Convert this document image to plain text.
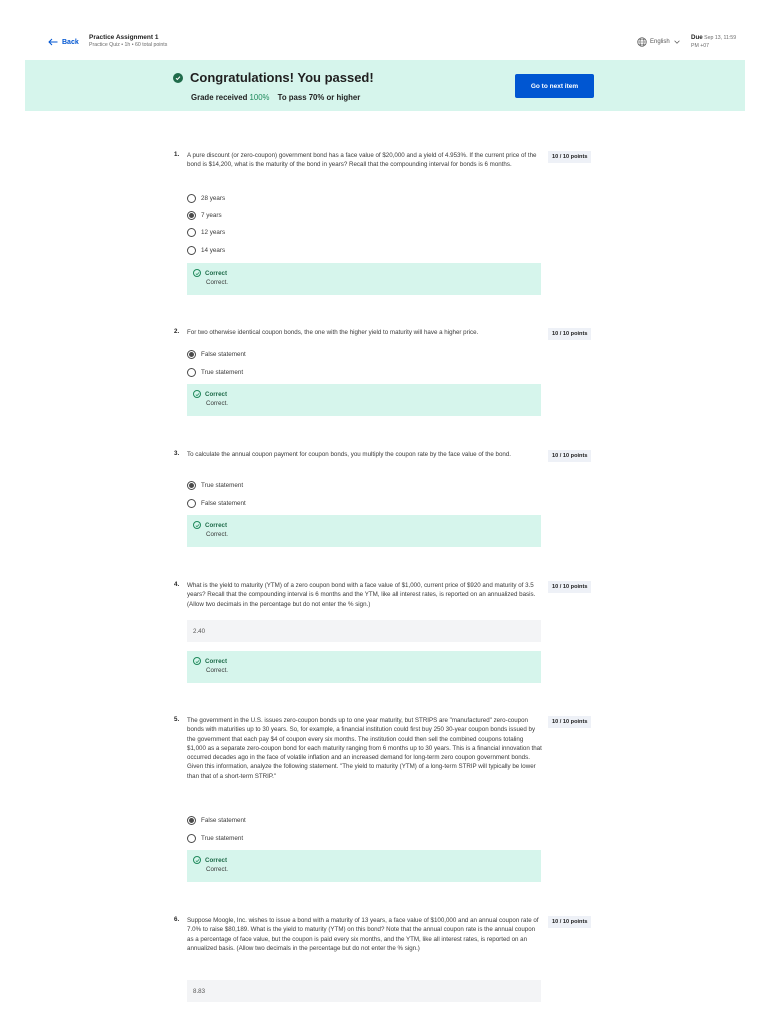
Back
Practice Assignment 1
Practice Quiz • 1h • 60 total points	English
Due Sep 13, 11:59
PM +07
Congratulations! You passed!
Grade received 100% To pass 70% or higher
Go to next item
1. A pure discount (or zero-coupon) government bond has a face value of $20,000 and a yield of 4.953%. If the current price of the bond is $14,200, what is the maturity of the bond in years? Recall that the compounding interval for bonds is 6 months.
10 / 10 points
28 years
7 years
12 years
14 years
Correct
Correct.
2. For two otherwise identical coupon bonds, the one with the higher yield to maturity will have a higher price.	10 / 10 points
False statement
True statement
Correct
Correct.
3. To calculate the annual coupon payment for coupon bonds, you multiply the coupon rate by the face value of the bond.	10 / 10 points
True statement
False statement
Correct
Correct.
4. What is the yield to maturity (YTM) of a zero coupon bond with a face value of $1,000, current price of $920 and maturity of 3.5 years? Recall that the compounding interval is 6 months and the YTM, like all interest rates, is reported on an annualized basis. (Allow two decimals in the percentage but do not enter the % sign.)
10 / 10 points
2.40
Correct
Correct.
5. The government in the U.S. issues zero-coupon bonds up to one year maturity, but STRIPS are "manufactured" zero-coupon bonds with maturities up to 30 years. So, for example, a financial institution could first buy 250 30-year coupon bonds issued by the government that each pay $4 of coupon every six months. The institution could then sell the combined coupons totaling $1,000 as a separate zero-coupon bond for each maturity ranging from 6 months up to 30 years. This is a financial innovation that occurred decades ago in the face of volatile inflation and an increased demand for long-term zero coupon government bonds. Given this information, analyze the following statement. "The yield to maturity (YTM) of a long-term STRIP will typically be lower than that of a short-term STRIP."
10 / 10 points
False statement
True statement
Correct
Correct.
6. Suppose Moogle, Inc. wishes to issue a bond with a maturity of 13 years, a face value of $100,000 and an annual coupon rate of 7.0% to raise $80,189. What is the yield to maturity (YTM) on this bond? Note that the annual coupon rate is the annual coupon as a percentage of face value, but the coupon is paid every six months, and the YTM, like all interest rates, is reported on an annualized basis. (Allow two decimals in the percentage but do not enter the % sign.)
10 / 10 points
8.83
